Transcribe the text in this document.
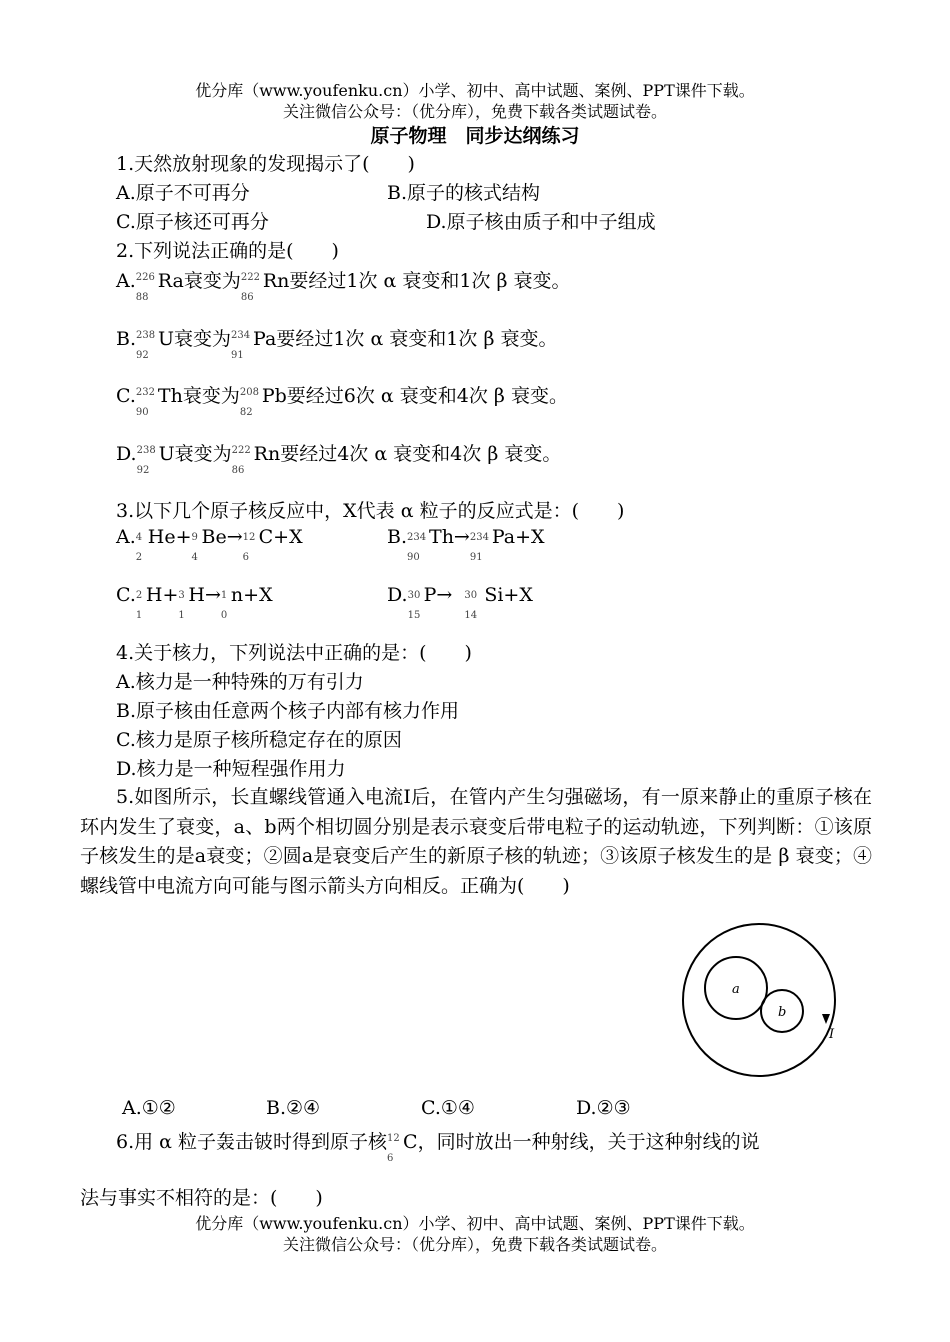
优分库（www.youfenku.cn）小学、初中、高中试题、案例、PPT课件下载。
关注微信公众号：（优分库），免费下载各类试题试卷。
原子物理　同步达纲练习
1.天然放射现象的发现揭示了(　　)
A.原子不可再分	B.原子的核式结构
C.原子核还可再分	D.原子核由质子和中子组成
2.下列说法正确的是(　　)
A. 226
88
Ra衰变为 222
86
Rn要经过1次 α 衰变和1次 β 衰变。
B. 238
92
U衰变为 234
91
Pa要经过1次 α 衰变和1次 β 衰变。
C. 232
90
Th衰变为 208
82
Pb要经过6次 α 衰变和4次 β 衰变。
D. 238
92
U衰变为 222
86
Rn要经过4次 α 衰变和4次 β 衰变。
3.以下几个原子核反应中，X代表 α 粒子的反应式是：(　　)
A. 4
2
He+ 9
4
Be→ 12
6
C+X	B. 234
90
Th→ 234
91
Pa+X
C. 2
1
H+ 3
1
H→ 1
0
n+X	D. 30
15
P→ 30
14
Si+X
4.关于核力，下列说法中正确的是：(　　)
A.核力是一种特殊的万有引力
B.原子核由任意两个核子内部有核力作用
C.核力是原子核所稳定存在的原因
D.核力是一种短程强作用力
5.如图所示，长直螺线管通入电流Ⅰ后，在管内产生匀强磁场，有一原来静止的重原子核在环内发生了衰变，a、b两个相切圆分别是表示衰变后带电粒子的运动轨迹，下列判断：①该原子核发生的是a衰变；②圆a是衰变后产生的新原子核的轨迹；③该原子核发生的是 β 衰变；④螺线管中电流方向可能与图示箭头方向相反。正确为(　　)
a
b
I
A.①②	B.②④	C.①④	D.②③
6.用 α 粒子轰击铍时得到原子核 12
6
C，同时放出一种射线，关于这种射线的说
法与事实不相符的是：(　　)
优分库（www.youfenku.cn）小学、初中、高中试题、案例、PPT课件下载。
关注微信公众号：（优分库），免费下载各类试题试卷。
